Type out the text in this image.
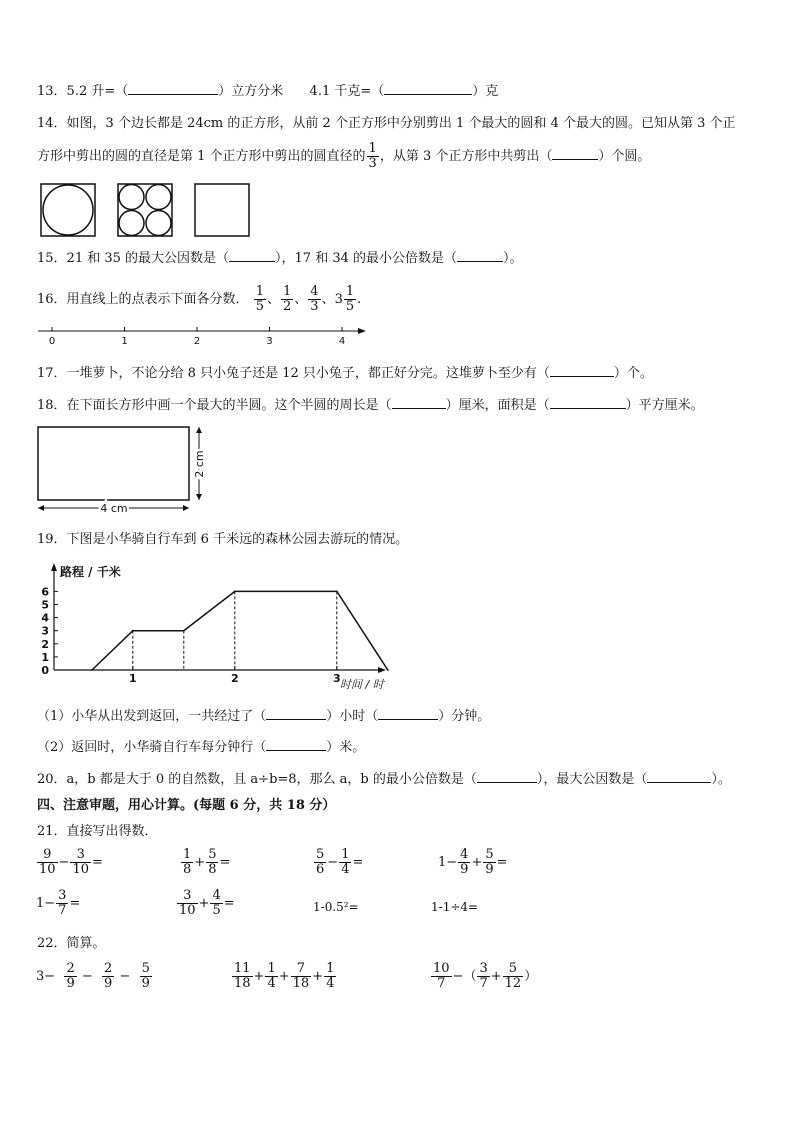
13．5.2 升=（	）立方分米 4.1 千克=（	）克
14．如图，3 个边长都是 24cm 的正方形，从前 2 个正方形中分别剪出 1 个最大的圆和 4 个最大的圆。已知从第 3 个正
方形中剪出的圆的直径是第 1 个正方形中剪出的圆直径的 $\frac{1}{3}$ ，从第 3 个正方形中共剪出（	）个圆。
15．21 和 35 的最大公因数是（	），17 和 34 的最小公倍数是（	）。
16．用直线上的点表示下面各分数． $\frac{1}{5}$ 、 $\frac{1}{2}$ 、 $\frac{4}{3}$ 、$3 \frac{1}{5}$ .
0	1	2	3	4
17．一堆萝卜，不论分给 8 只小兔子还是 12 只小兔子，都正好分完。这堆萝卜至少有（	）个。
18．在下面长方形中画一个最大的半圆。这个半圆的周长是（	）厘米，面积是（	）平方厘米。
4 cm
2 cm
19．下图是小华骑自行车到 6 千米远的森林公园去游玩的情况。
路程 / 千米
时间 / 时
1
2
3
4
5
6
0
1	2	3
（1）小华从出发到返回，一共经过了（	）小时（	）分钟。
（2）返回时，小华骑自行车每分钟行（	）米。
20．a，b 都是大于 0 的自然数，且 a÷b=8，那么 a，b 的最小公倍数是（	），最大公因数是（	）。
四、注意审题，用心计算。(每题 6 分，共 18 分）
21．直接写出得数．
$\frac{9}{10} - \frac{3}{10}$ =	$\frac{1}{8} + \frac{5}{8}$ =	$\frac{5}{6} - \frac{1}{4}$ =	$1- \frac{4}{9} + \frac{5}{9}$ =
$1- \frac{3}{7}$ =	$\frac{3}{10} + \frac{4}{5}$ =	1-0.5²=	1-1÷4=
22．简算。
$3- \frac{2}{9} - \frac{2}{9} - \frac{5}{9}$	$\frac{11}{18} + \frac{1}{4} + \frac{7}{18} + \frac{1}{4}$	$\frac{10}{7}$ −（ $\frac{3}{7} + \frac{5}{12}$ ）
